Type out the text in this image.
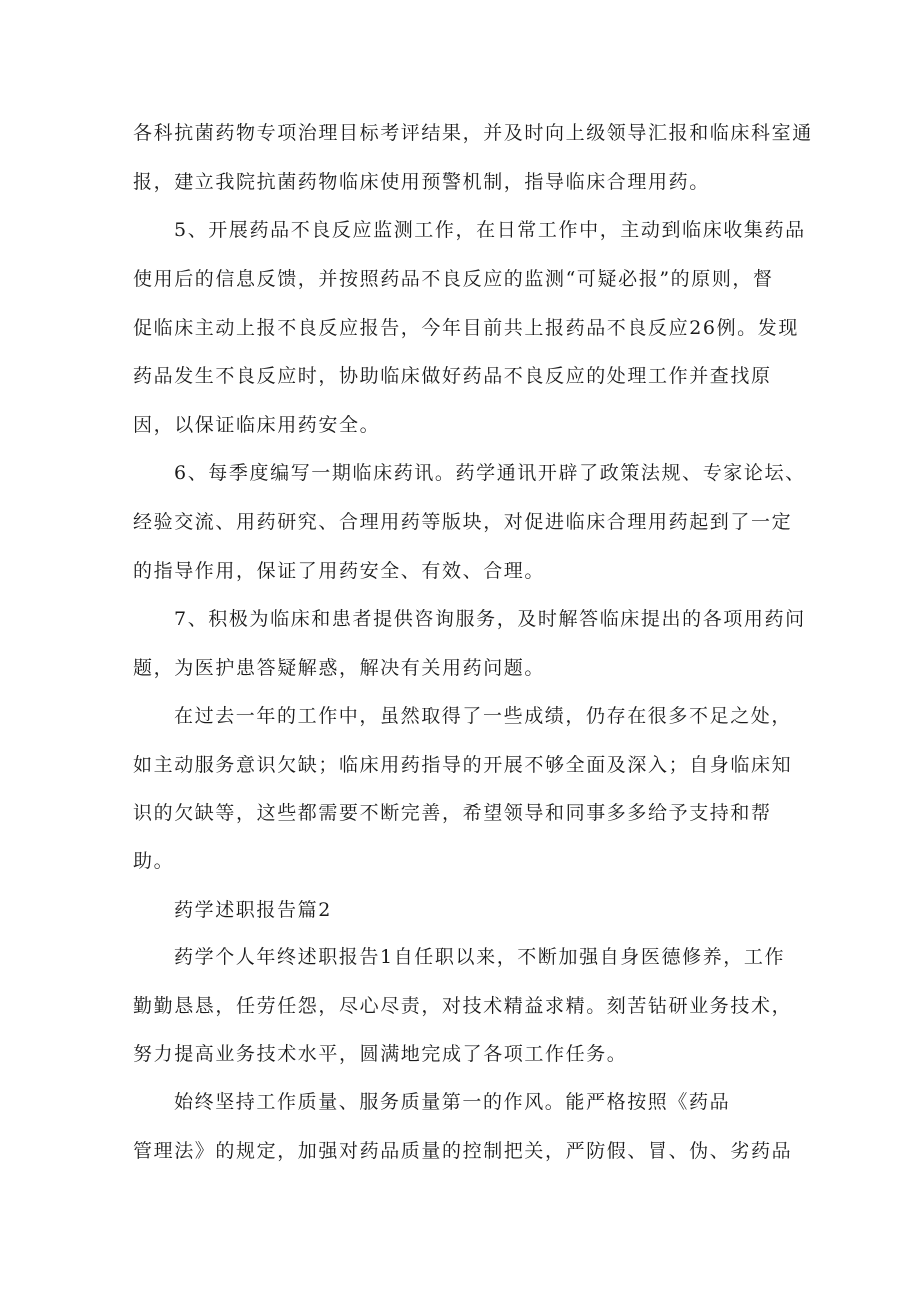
各科抗菌药物专项治理目标考评结果，并及时向上级领导汇报和临床科室通
报，建立我院抗菌药物临床使用预警机制，指导临床合理用药。
5、开展药品不良反应监测工作，在日常工作中，主动到临床收集药品
使用后的信息反馈，并按照药品不良反应的监测“可疑必报”的原则，督
促临床主动上报不良反应报告，今年目前共上报药品不良反应26例。发现
药品发生不良反应时，协助临床做好药品不良反应的处理工作并查找原
因，以保证临床用药安全。
6、每季度编写一期临床药讯。药学通讯开辟了政策法规、专家论坛、
经验交流、用药研究、合理用药等版块，对促进临床合理用药起到了一定
的指导作用，保证了用药安全、有效、合理。
7、积极为临床和患者提供咨询服务，及时解答临床提出的各项用药问
题，为医护患答疑解惑，解决有关用药问题。
在过去一年的工作中，虽然取得了一些成绩，仍存在很多不足之处，
如主动服务意识欠缺；临床用药指导的开展不够全面及深入；自身临床知
识的欠缺等，这些都需要不断完善，希望领导和同事多多给予支持和帮
助。
药学述职报告篇2
药学个人年终述职报告1自任职以来，不断加强自身医德修养，工作
勤勤恳恳，任劳任怨，尽心尽责，对技术精益求精。刻苦钻研业务技术，
努力提高业务技术水平，圆满地完成了各项工作任务。
始终坚持工作质量、服务质量第一的作风。能严格按照《药品
管理法》的规定，加强对药品质量的控制把关，严防假、冒、伪、劣药品
